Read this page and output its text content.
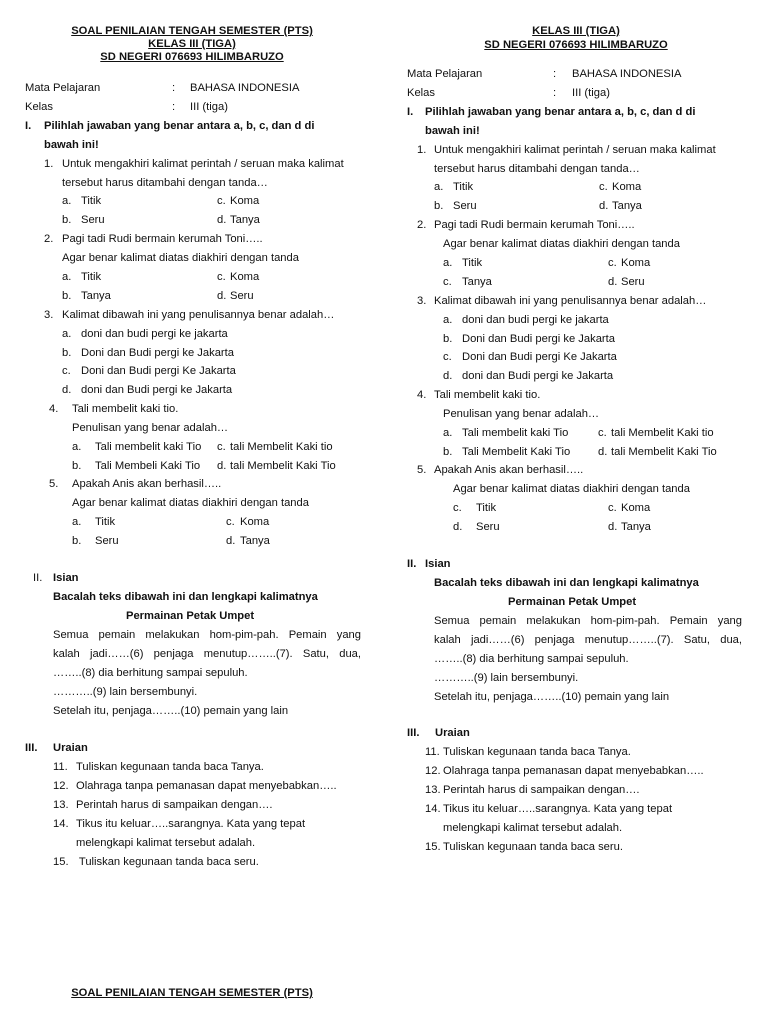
SOAL PENILAIAN TENGAH SEMESTER (PTS)
KELAS III (TIGA)
SD NEGERI 076693 HILIMBARUZO
Mata Pelajaran	: BAHASA INDONESIA
Kelas	: III (tiga)
I. Pilihlah jawaban yang benar antara a, b, c, dan d di
bawah ini!
1. Untuk mengakhiri kalimat perintah / seruan maka kalimat
tersebut harus ditambahi dengan tanda…
a. Titik	c. Koma
b. Seru	d. Tanya
2. Pagi tadi Rudi bermain kerumah Toni…..
Agar benar kalimat diatas diakhiri dengan tanda
a. Titik	c. Koma
b. Tanya	d. Seru
3. Kalimat dibawah ini yang penulisannya benar adalah…
a. doni dan budi pergi ke jakarta
b. Doni dan Budi pergi ke Jakarta
c. Doni dan Budi pergi Ke Jakarta
d. doni dan Budi pergi ke Jakarta
4. Tali membelit kaki tio.
Penulisan yang benar adalah…
a. Tali membelit kaki Tio c. tali Membelit Kaki tio
b. Tali Membeli Kaki Tio d. tali Membelit Kaki Tio
5. Apakah Anis akan berhasil…..
Agar benar kalimat diatas diakhiri dengan tanda
a. Titik	c. Koma
b. Seru	d. Tanya
II. Isian
Bacalah teks dibawah ini dan lengkapi kalimatnya
Permainan Petak Umpet
Semua pemain melakukan hom-pim-pah. Pemain yang
kalah jadi……(6) penjaga menutup……..(7). Satu, dua,
……..(8) dia berhitung sampai sepuluh.
………..(9) lain bersembunyi.
Setelah itu, penjaga……..(10) pemain yang lain
III. Uraian
11. Tuliskan kegunaan tanda baca Tanya.
12. Olahraga tanpa pemanasan dapat menyebabkan…..
13. Perintah harus di sampaikan dengan….
14. Tikus itu keluar…..sarangnya. Kata yang tepat
melengkapi kalimat tersebut adalah.
15. Tuliskan kegunaan tanda baca seru.
SOAL PENILAIAN TENGAH SEMESTER (PTS)
KELAS III (TIGA)
SD NEGERI 076693 HILIMBARUZO
Mata Pelajaran	: BAHASA INDONESIA
Kelas	: III (tiga)
I. Pilihlah jawaban yang benar antara a, b, c, dan d di
bawah ini!
1. Untuk mengakhiri kalimat perintah / seruan maka kalimat
tersebut harus ditambahi dengan tanda…
a. Titik	c. Koma
b. Seru	d. Tanya
2. Pagi tadi Rudi bermain kerumah Toni…..
Agar benar kalimat diatas diakhiri dengan tanda
a. Titik	c. Koma
c. Tanya	d. Seru
3. Kalimat dibawah ini yang penulisannya benar adalah…
a. doni dan budi pergi ke jakarta
b. Doni dan Budi pergi ke Jakarta
c. Doni dan Budi pergi Ke Jakarta
d. doni dan Budi pergi ke Jakarta
4. Tali membelit kaki tio.
Penulisan yang benar adalah…
a. Tali membelit kaki Tio	c. tali Membelit Kaki tio
b. Tali Membelit Kaki Tio d. tali Membelit Kaki Tio
5. Apakah Anis akan berhasil…..
Agar benar kalimat diatas diakhiri dengan tanda
c. Titik	c. Koma
d. Seru	d. Tanya
II. Isian
Bacalah teks dibawah ini dan lengkapi kalimatnya
Permainan Petak Umpet
Semua pemain melakukan hom-pim-pah. Pemain yang
kalah jadi……(6) penjaga menutup……..(7). Satu, dua,
……..(8) dia berhitung sampai sepuluh.
………..(9) lain bersembunyi.
Setelah itu, penjaga……..(10) pemain yang lain
III. Uraian
11. Tuliskan kegunaan tanda baca Tanya.
12. Olahraga tanpa pemanasan dapat menyebabkan…..
13. Perintah harus di sampaikan dengan….
14. Tikus itu keluar…..sarangnya. Kata yang tepat
melengkapi kalimat tersebut adalah.
15. Tuliskan kegunaan tanda baca seru.
